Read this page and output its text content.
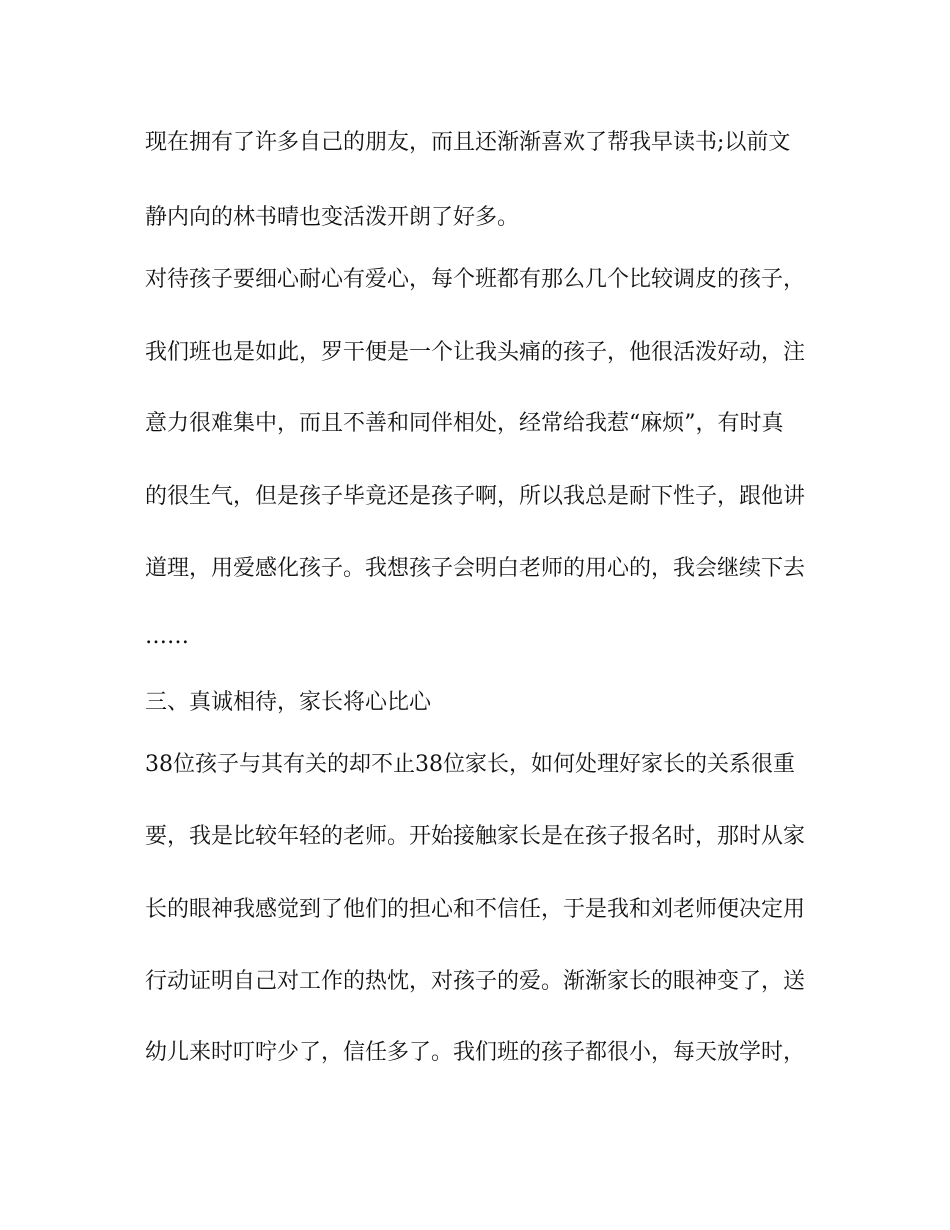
现在拥有了许多自己的朋友，而且还渐渐喜欢了帮我早读书;以前文
静内向的林书晴也变活泼开朗了好多。
对待孩子要细心耐心有爱心，每个班都有那么几个比较调皮的孩子，
我们班也是如此，罗干便是一个让我头痛的孩子，他很活泼好动，注
意力很难集中，而且不善和同伴相处，经常给我惹“麻烦”，有时真
的很生气，但是孩子毕竟还是孩子啊，所以我总是耐下性子，跟他讲
道理，用爱感化孩子。我想孩子会明白老师的用心的，我会继续下去
……
三、真诚相待，家长将心比心
38位孩子与其有关的却不止38位家长，如何处理好家长的关系很重
要，我是比较年轻的老师。开始接触家长是在孩子报名时，那时从家
长的眼神我感觉到了他们的担心和不信任，于是我和刘老师便决定用
行动证明自己对工作的热忱，对孩子的爱。渐渐家长的眼神变了，送
幼儿来时叮咛少了，信任多了。我们班的孩子都很小，每天放学时，
